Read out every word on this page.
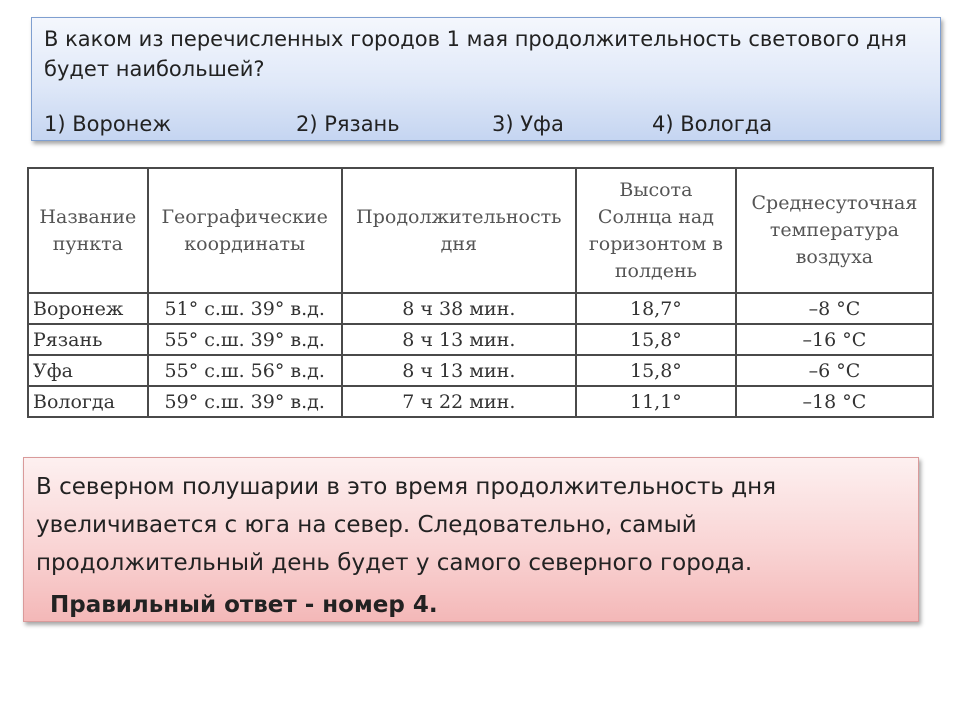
В каком из перечисленных городов 1 мая продолжительность светового дня будет наибольшей?
1) Воронеж	2) Рязань	3) Уфа	4) Вологда
Название пункта	Географические координаты	Продолжительность дня	Высота Солнца над горизонтом в полдень	Среднесуточная температура воздуха
Воронеж	51° с.ш. 39° в.д.	8 ч 38 мин.	18,7°	–8 °С
Рязань	55° с.ш. 39° в.д.	8 ч 13 мин.	15,8°	–16 °С
Уфа	55° с.ш. 56° в.д.	8 ч 13 мин.	15,8°	–6 °С
Вологда	59° с.ш. 39° в.д.	7 ч 22 мин.	11,1°	–18 °С
В северном полушарии в это время продолжительность дня увеличивается с юга на север. Следовательно, самый продолжительный день будет у самого северного города.
Правильный ответ - номер 4.
